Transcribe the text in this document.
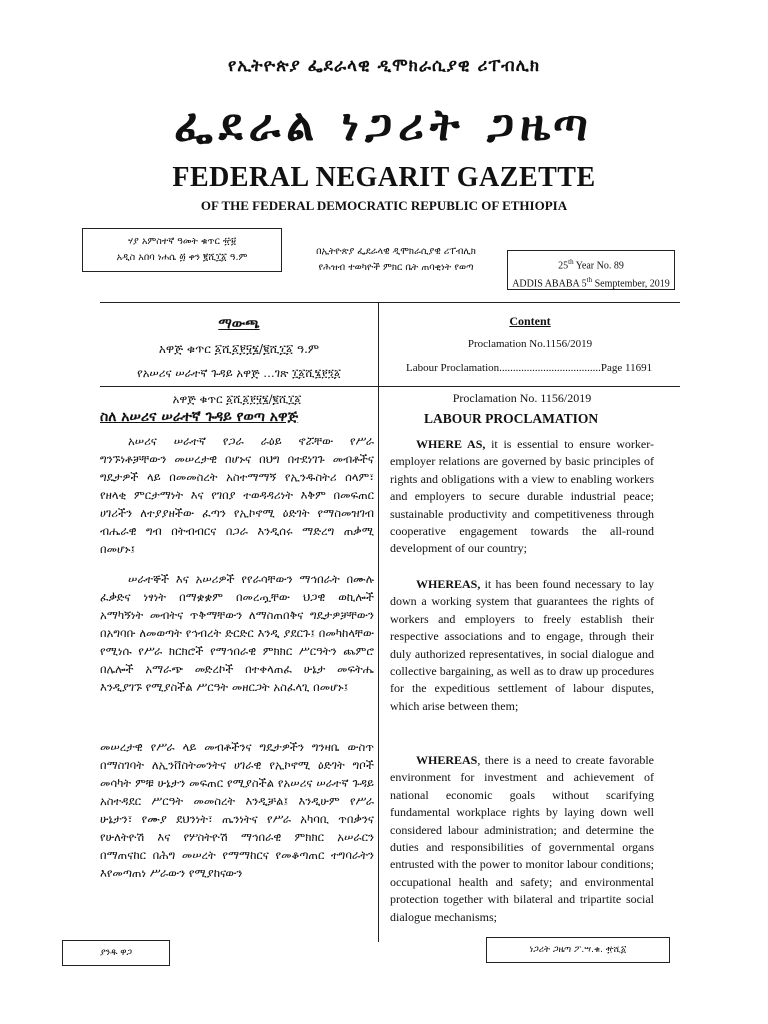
የኢትዮጵያ ፌደራላዊ ዲሞክራሲያዊ ሪፐብሊክ
ፌደራል ነጋሪት ጋዜጣ
FEDERAL NEGARIT GAZETTE
OF THE FEDERAL DEMOCRATIC REPUBLIC OF ETHIOPIA
ሃያ አምስተኛ ዓመት ቁጥር ፹፱
አዲስ አበባ ነሐሴ ፴ ቀን ፪ሺ፲፩ ዓ.ም
በኢትዮጵያ ፌደራላዊ ዲሞክራሲያዊ ሪፐብሊክ
የሕዝብ ተወካዮች ምክር ቤት ጠባቂነት የወጣ	25th Year No. 89
ADDIS ABABA 5th Semptember, 2019
ማውጫ
አዋጅ ቁጥር ፩ሺ፩፻፶፮/፪ሺ፲፩ ዓ.ም
የአሠሪና ሠራተኛ ጉዳይ አዋጅ …ገጽ ፲፩ሺ፮፻፺፩
Content
Proclamation No.1156/2019
Labour Proclamation.....................................Page 11691
አዋጅ ቁጥር ፩ሺ፩፻፶፮/፪ሺ፲፩
ስለ አሠሪና ሠራተኛ ጉዳይ የወጣ አዋጅ
አሠሪና ሠራተኛ የጋራ ራዕይ ኖሯቸው የሥራ ግንኙነቶቻቸውን መሠረታዊ በሆኑና በህግ በተደነገጉ መብቶችና ግዴታዎች ላይ በመመስረት አስተማማኝ የኢንዱስትሪ ሰላም፣ የዘላቂ ምርታማነት እና የገበያ ተወዳዳሪነት እቅም በመፍጠር ሀገሪችን ለተያያዘችው ፈጣን የኢኮኖሚ ዕድገት የማስመዝገብ ብሔራዊ ግብ በትብብርና በጋራ እንዲሰሩ ማድረግ ጠቃሚ በመሆኑ፤
ሠራተኞች እና አሠሪዎች የየራሳቸውን ማኅበራት በሙሉ ፈቃድና ነፃነት በማቋቋም በመረጧቸው ህጋዊ ወኪሎች አማካኝነት መብትና ጥቅማቸውን ለማስጠበቅና ግዴታዎቻቸውን በአግባቡ ለመወጣት የኅብረት ድርድር እንዲ ያደርጉ፤ በመካከላቸው የሚነሱ የሥራ ክርክሮች የማኅበራዊ ምክክር ሥርዓትን ጨምሮ በሌሎች አማራጭ መድረኮች በተቀላጠፈ ሁኔታ መፍትሔ እንዲያገኙ የሚያስችል ሥርዓት መዘርጋት አስፈላጊ በመሆኑ፤
መሠረታዊ የሥራ ላይ መብቶችንና ግዴታዎችን ግንዛቤ ውስጥ በማስገባት ለኢንቨስትመንትና ሀገራዊ የኢኮኖሚ ዕድገት ግቦች መሳካት ምቹ ሁኔታን መፍጠር የሚያስችል የአሠሪና ሠራተኛ ጉዳይ አስተዳደር ሥርዓት መመስረት እንዲቻል፤ እንዲሁም የሥራ ሁኔታን፣ የሙያ ደህንነት፣ ጤንነትና የሥራ አካባቢ ጥበቃንና የሁለትዮሽ እና የሦስትዮሽ ማኅበራዊ ምክክር አሠራርን በማጠናከር በሕግ መሠረት የማማከርና የመቆጣጠር ተግባራትን እየመጣጠነ ሥራውን የሚያከናውን
Proclamation No. 1156/2019
LABOUR PROCLAMATION
WHERE AS, it is essential to ensure worker-employer relations are governed by basic principles of rights and obligations with a view to enabling workers and employers to secure durable industrial peace; sustainable productivity and competitiveness through cooperative engagement towards the all-round development of our country;
WHEREAS, it has been found necessary to lay down a working system that guarantees the rights of workers and employers to freely establish their respective associations and to engage, through their duly authorized representatives, in social dialogue and collective bargaining, as well as to draw up procedures for the expeditious settlement of labour disputes, which arise between them;
WHEREAS, there is a need to create favorable environment for investment and achievement of national economic goals without scarifying fundamental workplace rights by laying down well considered labour administration; and determine the duties and responsibilities of governmental organs entrusted with the power to monitor labour conditions; occupational health and safety; and environmental protection together with bilateral and tripartite social dialogue mechanisms;
ያንዱ ዋጋ	ነጋሪት ጋዜጣ ፖ.ሣ.ቁ. ፹ሺ፩
